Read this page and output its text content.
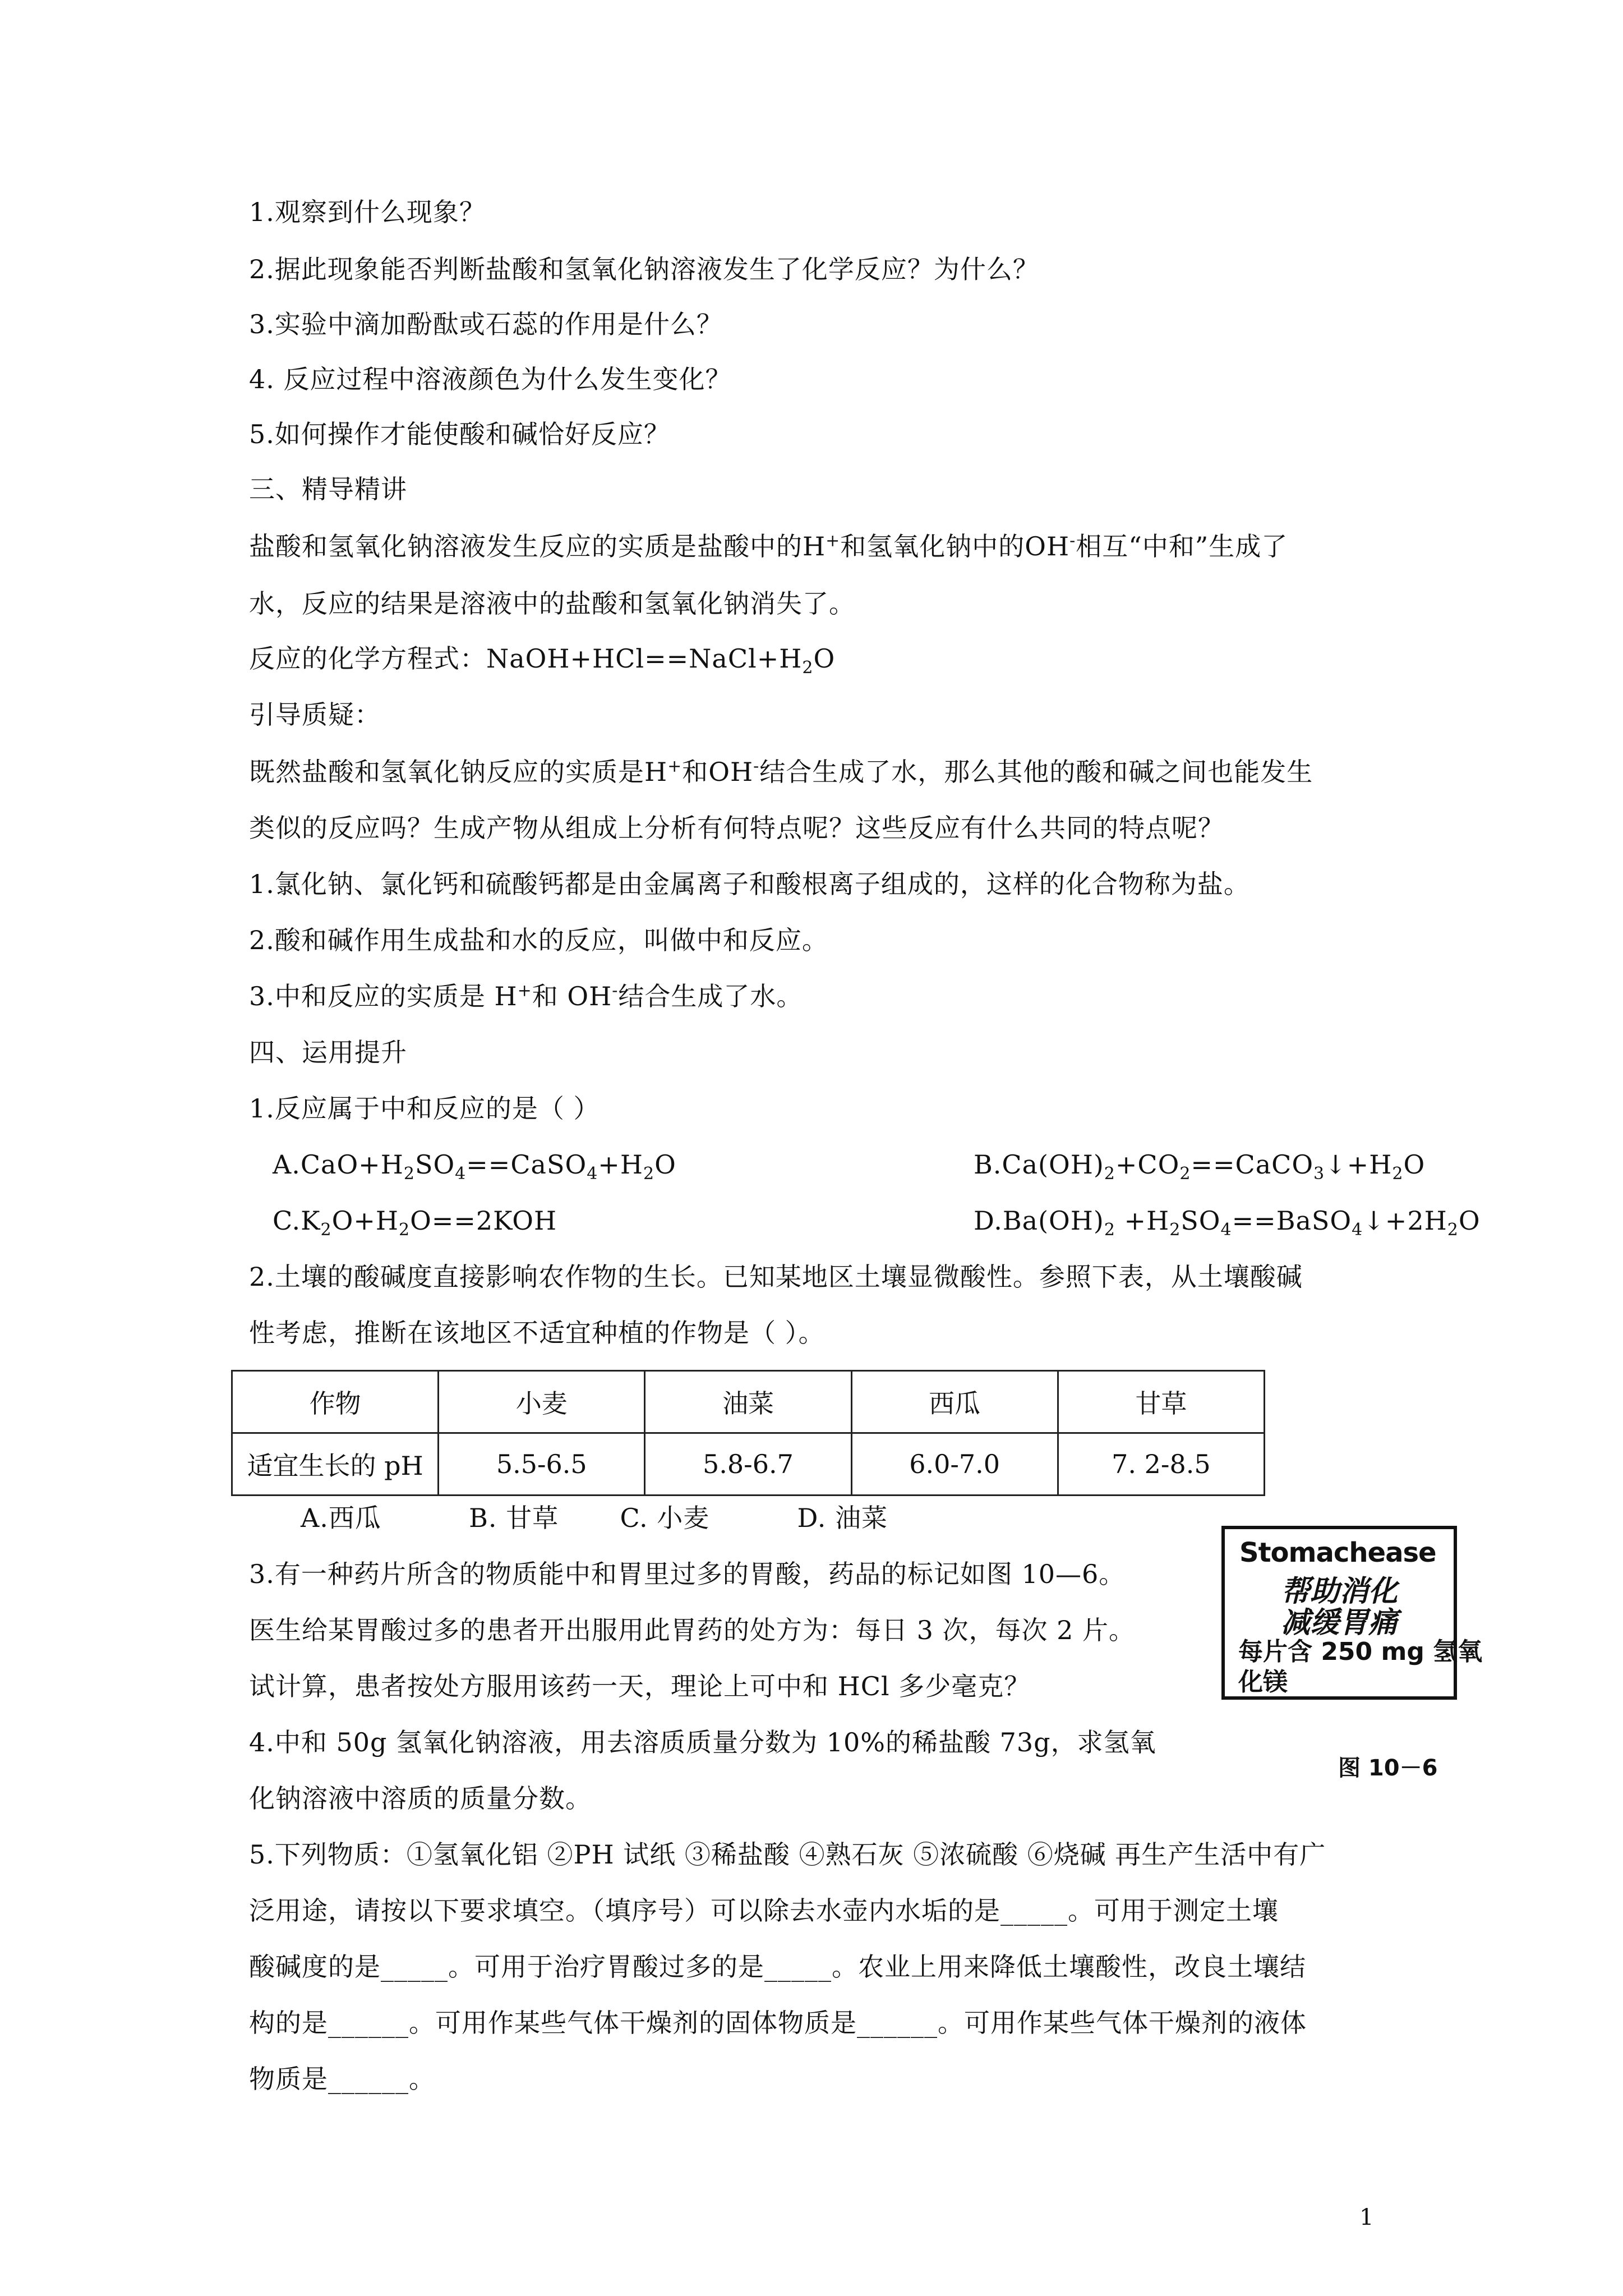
1.观察到什么现象？
2.据此现象能否判断盐酸和氢氧化钠溶液发生了化学反应？为什么？
3.实验中滴加酚酞或石蕊的作用是什么？
4. 反应过程中溶液颜色为什么发生变化？
5.如何操作才能使酸和碱恰好反应？
三、精导精讲
盐酸和氢氧化钠溶液发生反应的实质是盐酸中的H+和氢氧化钠中的OH-相互“中和”生成了
水，反应的结果是溶液中的盐酸和氢氧化钠消失了。
反应的化学方程式：$NaOH+HCl==NaCl+H_2O$
引导质疑：
既然盐酸和氢氧化钠反应的实质是H+和OH-结合生成了水，那么其他的酸和碱之间也能发生
类似的反应吗？生成产物从组成上分析有何特点呢？这些反应有什么共同的特点呢？
1.氯化钠、氯化钙和硫酸钙都是由金属离子和酸根离子组成的，这样的化合物称为盐。
2.酸和碱作用生成盐和水的反应，叫做中和反应。
3.中和反应的实质是 H+和 OH-结合生成了水。
四、运用提升
1.反应属于中和反应的是（ ）
$A.CaO+H_2SO_4==CaSO_4+H_2O$	$B.Ca(OH)_2+CO_2==CaCO_3↓+H_2O$
$C.K_2O+H_2O==2KOH$	$D.Ba(OH)_2$ $+H_2SO_4==BaSO_4↓+2H_2O$
2.土壤的酸碱度直接影响农作物的生长。已知某地区土壤显微酸性。参照下表，从土壤酸碱
性考虑，推断在该地区不适宜种植的作物是（ ）。
作物	小麦	油菜	西瓜	甘草
适宜生长的 pH	5.5-6.5	5.8-6.7	6.0-7.0	7. 2-8.5
A.西瓜          B. 甘草       C. 小麦          D. 油菜
3.有一种药片所含的物质能中和胃里过多的胃酸，药品的标记如图 10—6。
医生给某胃酸过多的患者开出服用此胃药的处方为：每日 3 次，每次 2 片。
试计算，患者按处方服用该药一天，理论上可中和 HCl 多少毫克？
4.中和 50g 氢氧化钠溶液，用去溶质质量分数为 10%的稀盐酸 73g，求氢氧
化钠溶液中溶质的质量分数。
Stomachease
帮助消化
减缓胃痛
每片含 250 mg 氢氧
化镁
图 10－6
5.下列物质：①氢氧化铝 ②PH 试纸 ③稀盐酸 ④熟石灰 ⑤浓硫酸 ⑥烧碱 再生产生活中有广
泛用途，请按以下要求填空。（填序号）可以除去水壶内水垢的是_____。可用于测定土壤
酸碱度的是_____。可用于治疗胃酸过多的是_____。农业上用来降低土壤酸性，改良土壤结
构的是______。可用作某些气体干燥剂的固体物质是______。可用作某些气体干燥剂的液体
物质是______。
1
